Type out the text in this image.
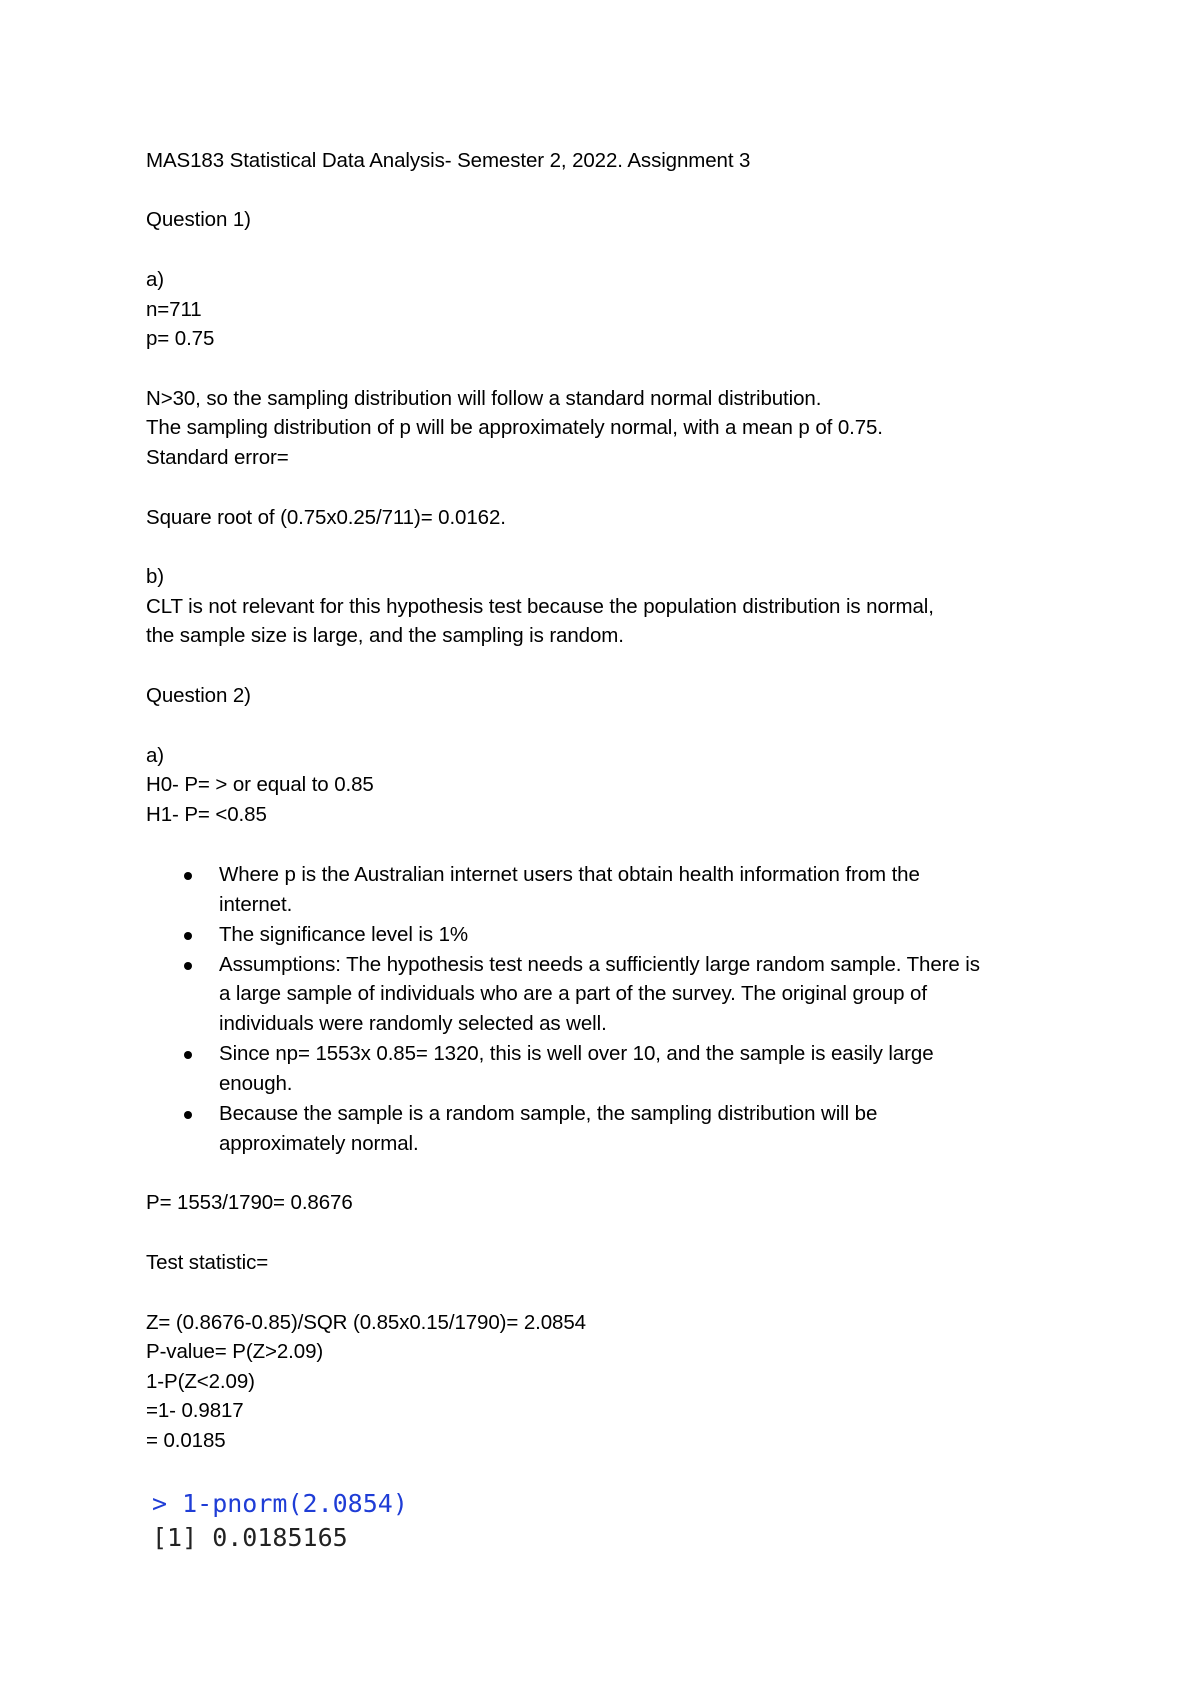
MAS183 Statistical Data Analysis- Semester 2, 2022. Assignment 3
Question 1)
a)
n=711
p= 0.75
N>30, so the sampling distribution will follow a standard normal distribution.
The sampling distribution of p will be approximately normal, with a mean p of 0.75.
Standard error=
Square root of (0.75x0.25/711)= 0.0162.
b)
CLT is not relevant for this hypothesis test because the population distribution is normal,
the sample size is large, and the sampling is random.
Question 2)
a)
H0- P= > or equal to 0.85
H1- P= <0.85
Where p is the Australian internet users that obtain health information from the
internet.
The significance level is 1%
Assumptions: The hypothesis test needs a sufficiently large random sample. There is
a large sample of individuals who are a part of the survey. The original group of
individuals were randomly selected as well.
Since np= 1553x 0.85= 1320, this is well over 10, and the sample is easily large
enough.
Because the sample is a random sample, the sampling distribution will be
approximately normal.
P= 1553/1790= 0.8676
Test statistic=
Z= (0.8676-0.85)/SQR (0.85x0.15/1790)= 2.0854
P-value= P(Z>2.09)
1-P(Z<2.09)
=1- 0.9817
= 0.0185
> 1-pnorm(2.0854)
[1] 0.0185165
